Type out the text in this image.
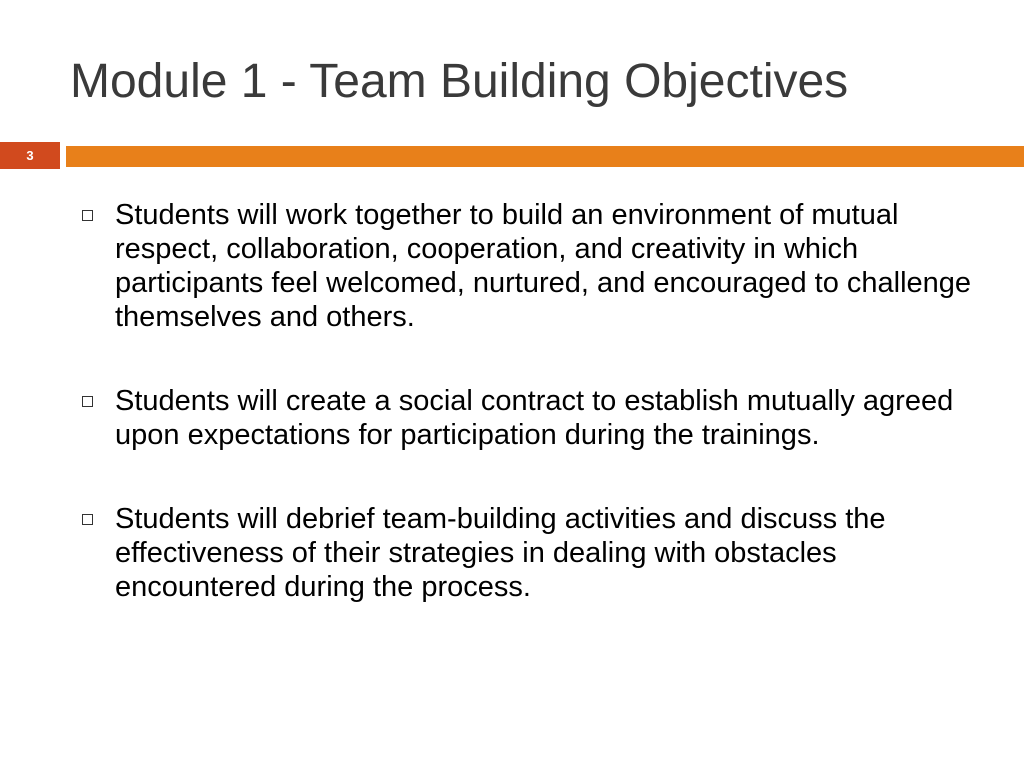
Module 1 - Team Building Objectives
3
Students will work together to build an environment of mutual respect, collaboration, cooperation, and creativity in which participants feel welcomed, nurtured, and encouraged to challenge themselves and others.
Students will create a social contract to establish mutually agreed upon expectations for participation during the trainings.
Students will debrief team-building activities and discuss the effectiveness of their strategies in dealing with obstacles encountered during the process.
